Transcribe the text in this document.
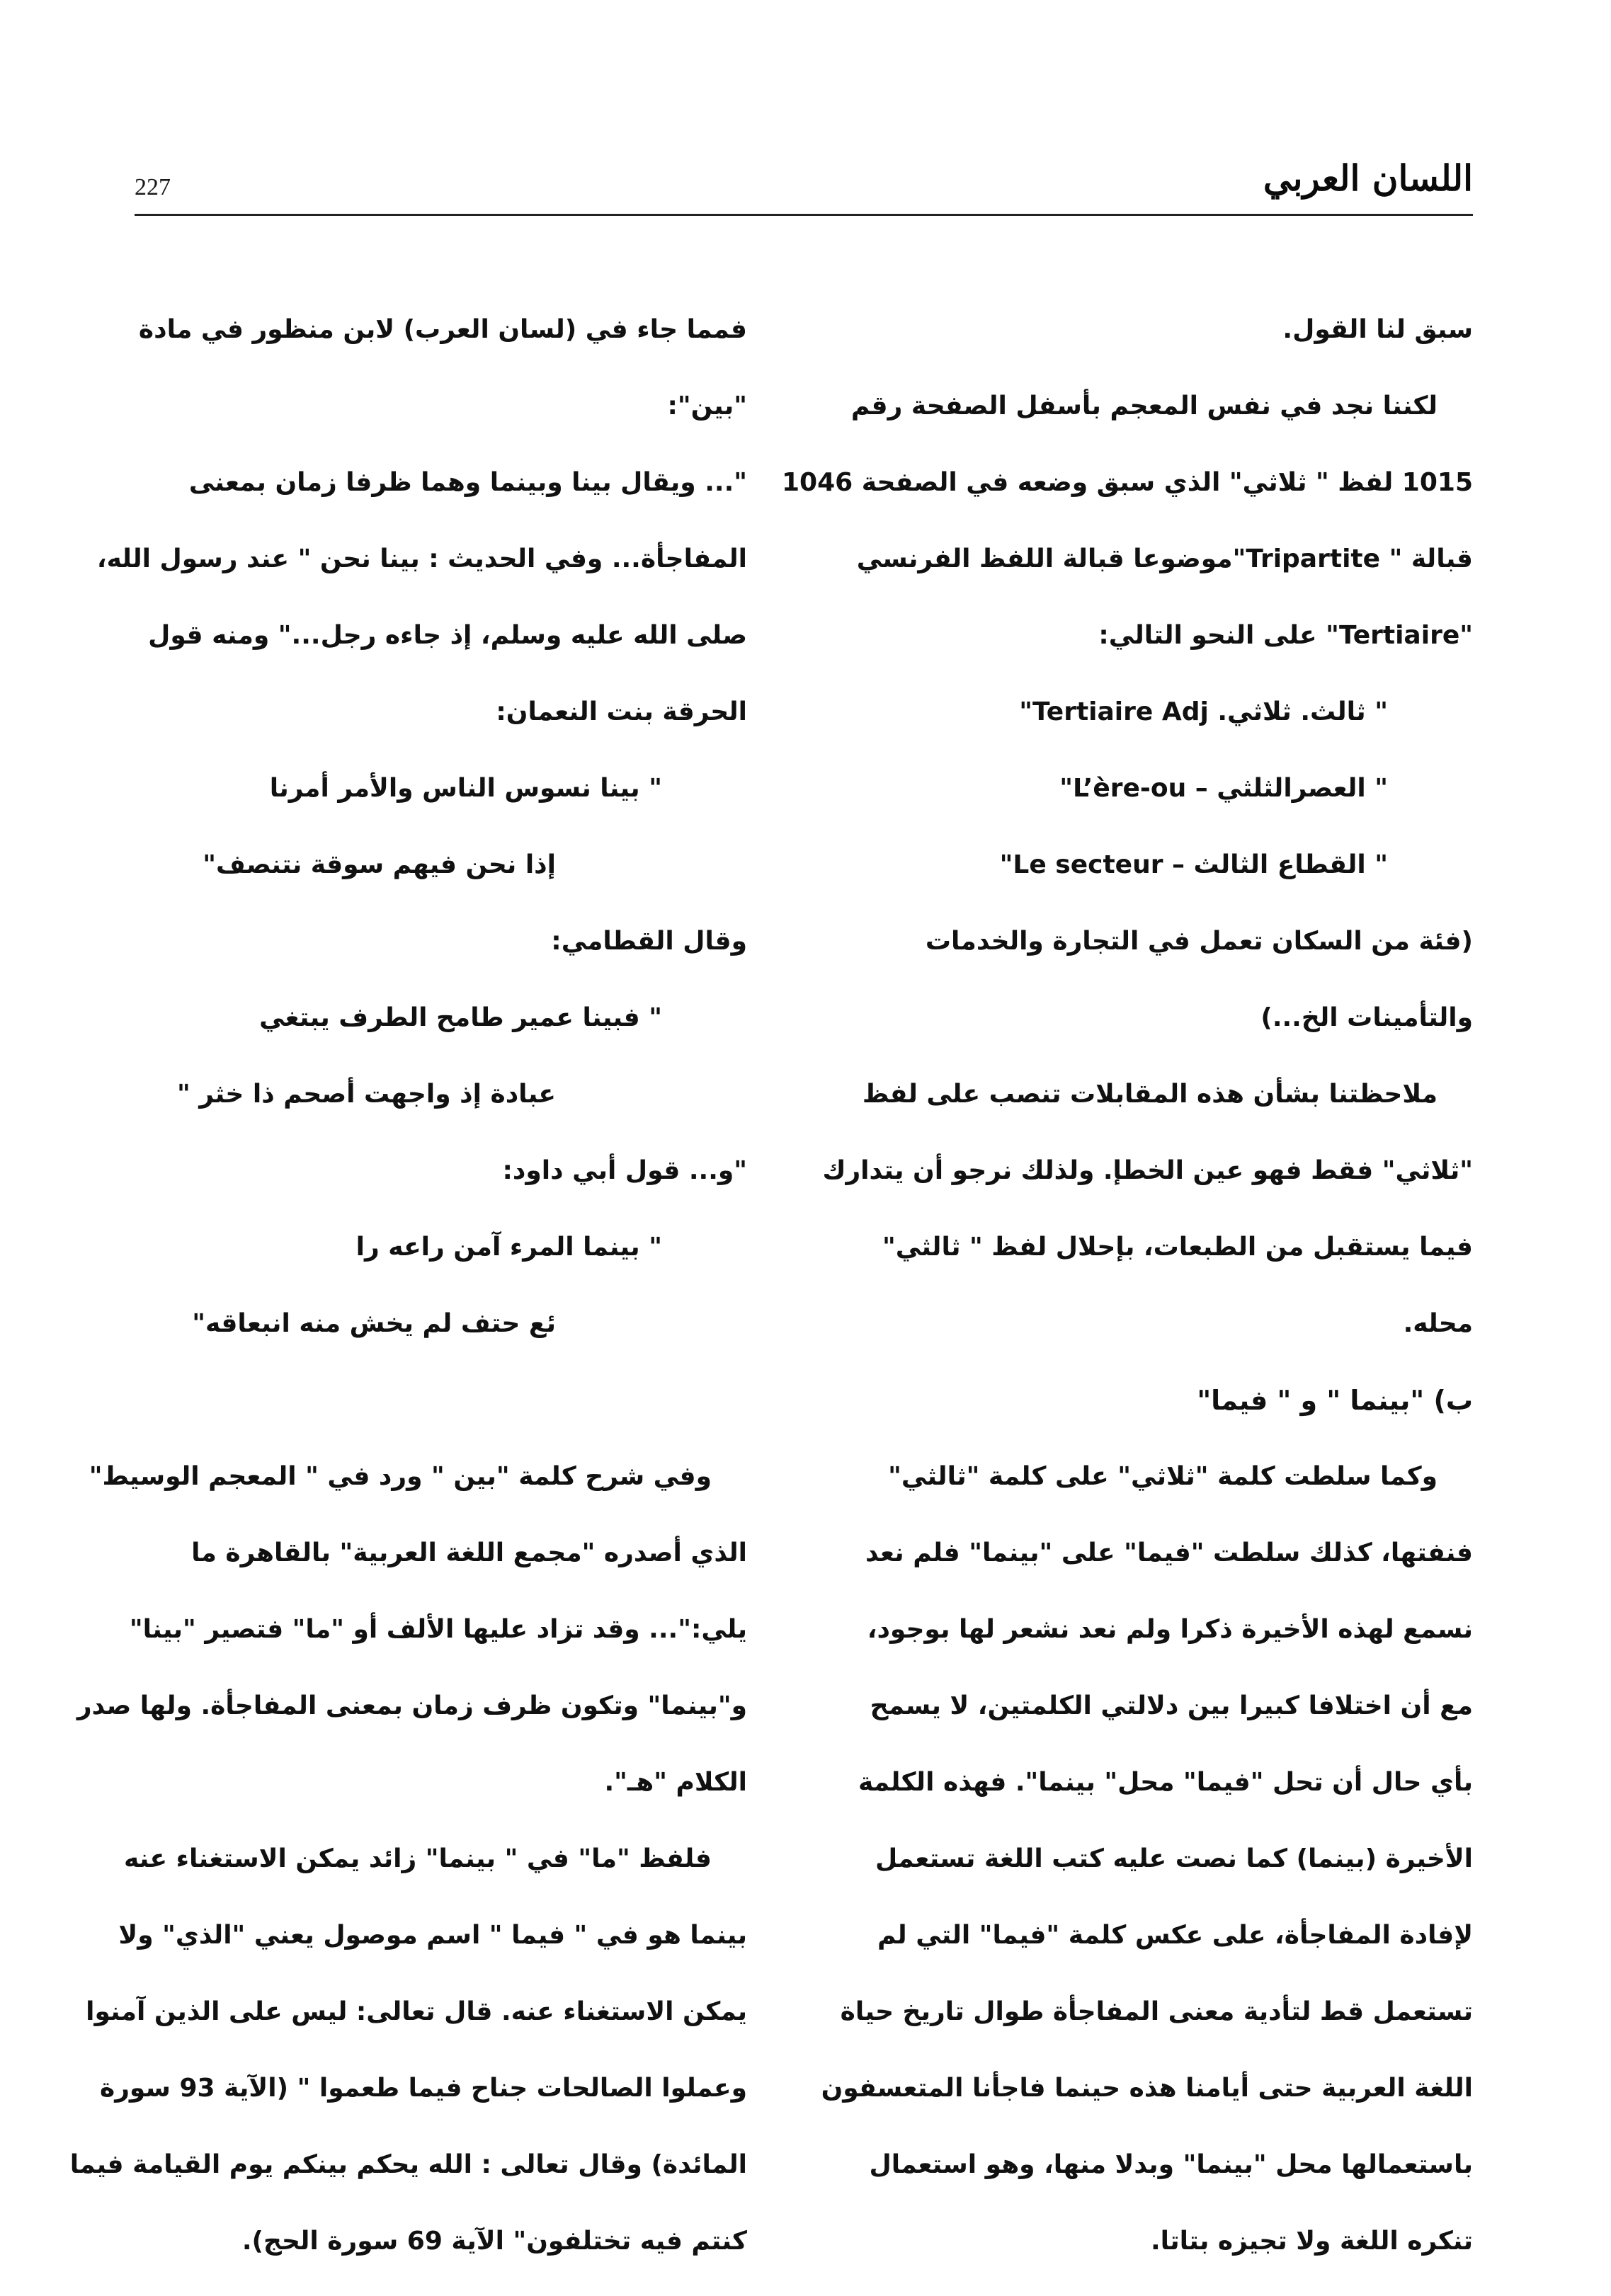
227	اللسان العربي
سبق لنا القول.
لكننا نجد في نفس المعجم بأسفل الصفحة رقم
1015 لفظ " ثلاثي" الذي سبق وضعه في الصفحة 1046
قبالة " Tripartite"موضوعا قبالة اللفظ الفرنسي
"Tertiaire" على النحو التالي:
" ثالث. ثلاثي. Tertiaire Adj"
" العصرالثلثي – L’ère-ou"
" القطاع الثالث – Le secteur"
(فئة من السكان تعمل في التجارة والخدمات
والتأمينات الخ...)
ملاحظتنا بشأن هذه المقابلات تنصب على لفظ
"ثلاثي" فقط فهو عين الخطإ. ولذلك نرجو أن يتدارك
فيما يستقبل من الطبعات، بإحلال لفظ " ثالثي"
محله.
ب) "بينما " و " فيما"
وكما سلطت كلمة "ثلاثي" على كلمة "ثالثي"
فنفتها، كذلك سلطت "فيما" على "بينما" فلم نعد
نسمع لهذه الأخيرة ذكرا ولم نعد نشعر لها بوجود،
مع أن اختلافا كبيرا بين دلالتي الكلمتين، لا يسمح
بأي حال أن تحل "فيما" محل" بينما". فهذه الكلمة
الأخيرة (بينما) كما نصت عليه كتب اللغة تستعمل
لإفادة المفاجأة، على عكس كلمة "فيما" التي لم
تستعمل قط لتأدية معنى المفاجأة طوال تاريخ حياة
اللغة العربية حتى أيامنا هذه حينما فاجأنا المتعسفون
باستعمالها محل "بينما" وبدلا منها، وهو استعمال
تنكره اللغة ولا تجيزه بتاتا.
فمما جاء في (لسان العرب) لابن منظور في مادة
"بين":
"... ويقال بينا وبينما وهما ظرفا زمان بمعنى
المفاجأة... وفي الحديث : بينا نحن " عند رسول الله،
صلى الله عليه وسلم، إذ جاءه رجل..." ومنه قول
الحرقة بنت النعمان:
" بينا نسوس الناس والأمر أمرنا
إذا نحن فيهم سوقة نتنصف"
وقال القطامي:
" فبينا عمير طامح الطرف يبتغي
عبادة إذ واجهت أصحم ذا خثر "
"و... قول أبي داود:
" بينما المرء آمن راعه را
ئع حتف لم يخش منه انبعاقه"
وفي شرح كلمة "بين " ورد في " المعجم الوسيط"
الذي أصدره "مجمع اللغة العربية" بالقاهرة ما
يلي:"... وقد تزاد عليها الألف أو "ما" فتصير "بينا"
و"بينما" وتكون ظرف زمان بمعنى المفاجأة. ولها صدر
الكلام "هـ".
فلفظ "ما" في " بينما" زائد يمكن الاستغناء عنه
بينما هو في " فيما " اسم موصول يعني "الذي" ولا
يمكن الاستغناء عنه. قال تعالى: ليس على الذين آمنوا
وعملوا الصالحات جناح فيما طعموا " (الآية 93 سورة
المائدة) وقال تعالى : الله يحكم بينكم يوم القيامة فيما
كنتم فيه تختلفون" الآية 69 سورة الحج).
